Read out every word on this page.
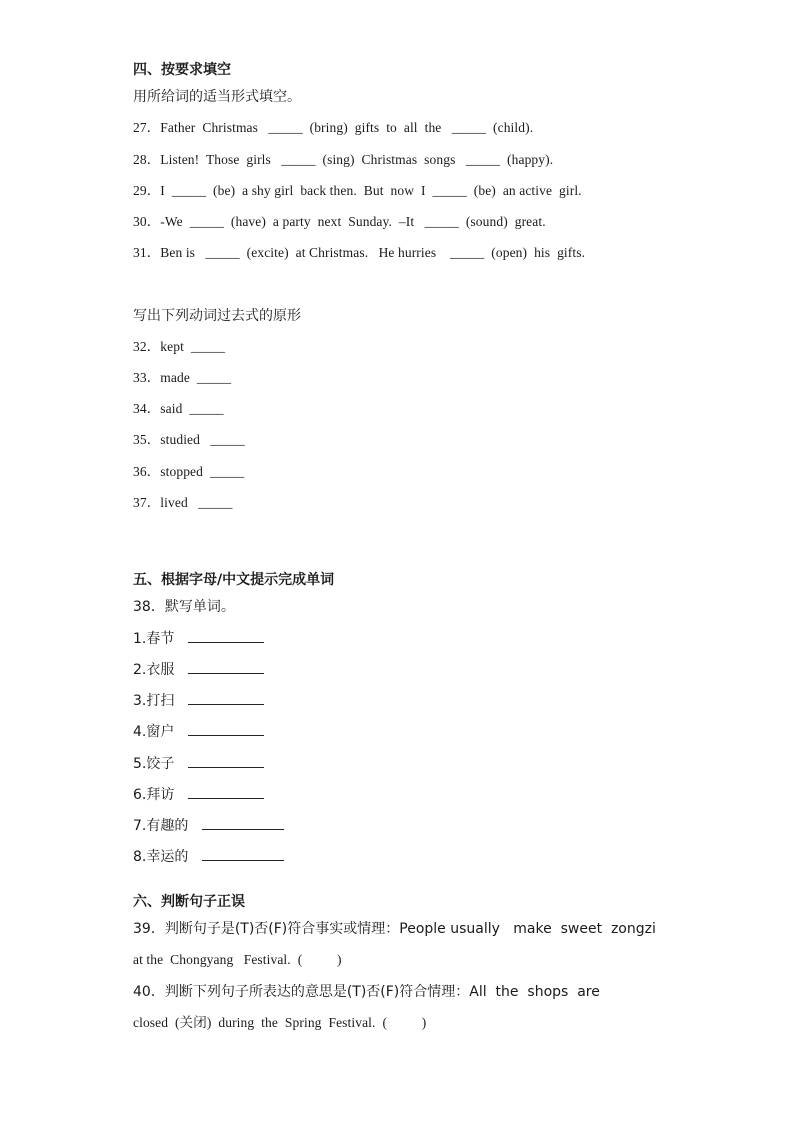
四、按要求填空
用所给词的适当形式填空。
27．Father  Christmas   _____  (bring)  gifts  to  all  the   _____  (child).
28．Listen!  Those  girls   _____  (sing)  Christmas  songs   _____  (happy).
29．I  _____  (be)  a shy girl  back then.  But  now  I  _____  (be)  an active  girl.
30．-We  _____  (have)  a party  next  Sunday.  –It   _____  (sound)  great.
31．Ben is   _____  (excite)  at Christmas.   He hurries    _____  (open)  his  gifts.
写出下列动词过去式的原形
32．kept  _____
33．made  _____
34．said  _____
35．studied   _____
36．stopped  _____
37．lived   _____
五、根据字母/中文提示完成单词
38．默写单词。
1.春节
2.衣服
3.打扫
4.窗户
5.饺子
6.拜访
7.有趣的
8.幸运的
六、判断句子正误
39．判断句子是(T)否(F)符合事实或情理：People usually   make  sweet  zongzi
at the  Chongyang   Festival.  (          )
40．判断下列句子所表达的意思是(T)否(F)符合情理：All  the  shops  are
closed  (关闭)  during  the  Spring  Festival.  (          )
